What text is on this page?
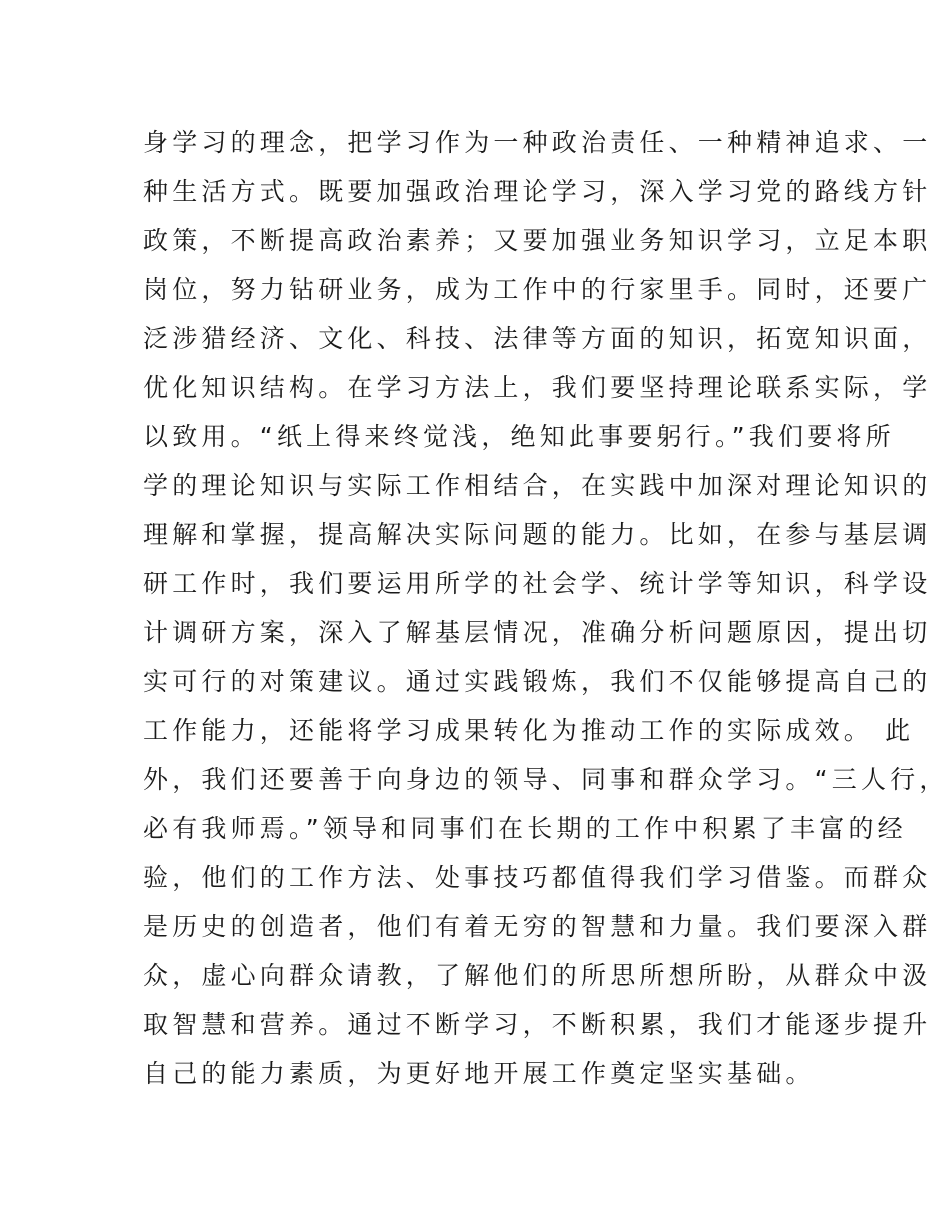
身学习的理念，把学习作为一种政治责任、一种精神追求、一
种生活方式。既要加强政治理论学习，深入学习党的路线方针
政策，不断提高政治素养；又要加强业务知识学习，立足本职
岗位，努力钻研业务，成为工作中的行家里手。同时，还要广
泛涉猎经济、文化、科技、法律等方面的知识，拓宽知识面，
优化知识结构。在学习方法上，我们要坚持理论联系实际，学
以致用。“纸上得来终觉浅，绝知此事要躬行。”我们要将所
学的理论知识与实际工作相结合，在实践中加深对理论知识的
理解和掌握，提高解决实际问题的能力。比如，在参与基层调
研工作时，我们要运用所学的社会学、统计学等知识，科学设
计调研方案，深入了解基层情况，准确分析问题原因，提出切
实可行的对策建议。通过实践锻炼，我们不仅能够提高自己的
工作能力，还能将学习成果转化为推动工作的实际成效。 此
外，我们还要善于向身边的领导、同事和群众学习。“三人行，
必有我师焉。”领导和同事们在长期的工作中积累了丰富的经
验，他们的工作方法、处事技巧都值得我们学习借鉴。而群众
是历史的创造者，他们有着无穷的智慧和力量。我们要深入群
众，虚心向群众请教，了解他们的所思所想所盼，从群众中汲
取智慧和营养。通过不断学习，不断积累，我们才能逐步提升
自己的能力素质，为更好地开展工作奠定坚实基础。
